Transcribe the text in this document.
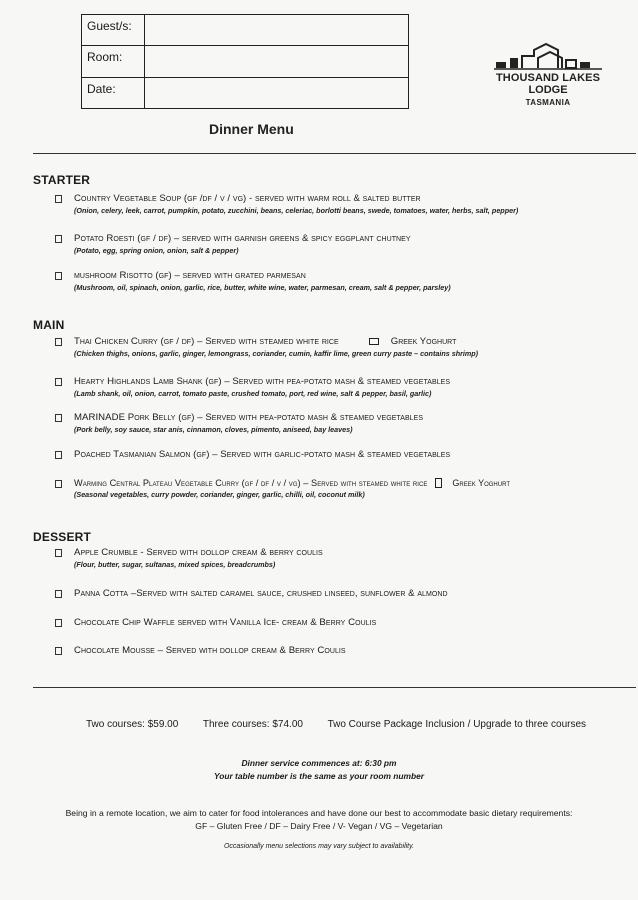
Guest/s:	
Room:	
Date:	
THOUSAND LAKES
LODGE
TASMANIA
Dinner Menu
STARTER
Country Vegetable Soup (gf /df / v / vg) - served with warm roll & salted butter
(Onion, celery, leek, carrot, pumpkin, potato, zucchini, beans, celeriac, borlotti beans, swede, tomatoes, water, herbs, salt, pepper)
Potato Roesti (gf / df) – served with garnish greens & spicy eggplant chutney
(Potato, egg, spring onion, onion, salt & pepper)
mushroom Risotto (gf) – served with grated parmesan
(Mushroom, oil, spinach, onion, garlic, rice, butter, white wine, water, parmesan, cream, salt & pepper, parsley)
MAIN
Thai Chicken Curry (gf / df) – Served with steamed white rice	Greek Yoghurt
(Chicken thighs, onions, garlic, ginger, lemongrass, coriander, cumin, kaffir lime, green curry paste – contains shrimp)
Hearty Highlands Lamb Shank (gf) – Served with pea-potato mash & steamed vegetables
(Lamb shank, oil, onion, carrot, tomato paste, crushed tomato, port, red wine, salt & pepper, basil, garlic)
MARINADE Pork Belly (gf) – Served with pea-potato mash & steamed vegetables
(Pork belly, soy sauce, star anis, cinnamon, cloves, pimento, aniseed, bay leaves)
Poached Tasmanian Salmon (gf) – Served with garlic-potato mash & steamed vegetables
Warming Central Plateau Vegetable Curry (gf / df / v / vg) – Served with steamed white rice	Greek Yoghurt
(Seasonal vegetables, curry powder, coriander, ginger, garlic, chilli, oil, coconut milk)
DESSERT
Apple Crumble - Served with dollop cream & berry coulis
(Flour, butter, sugar, sultanas, mixed spices, breadcrumbs)
Panna Cotta –Served with salted caramel sauce, crushed linseed, sunflower & almond
Chocolate Chip Waffle served with Vanilla Ice- cream & Berry Coulis
Chocolate Mousse – Served with dollop cream & Berry Coulis
Two courses: $59.00 Three courses: $74.00 Two Course Package Inclusion / Upgrade to three courses
Dinner service commences at: 6:30 pm
Your table number is the same as your room number
Being in a remote location, we aim to cater for food intolerances and have done our best to accommodate basic dietary requirements:
GF – Gluten Free / DF – Dairy Free / V- Vegan / VG – Vegetarian
Occasionally menu selections may vary subject to availability.
